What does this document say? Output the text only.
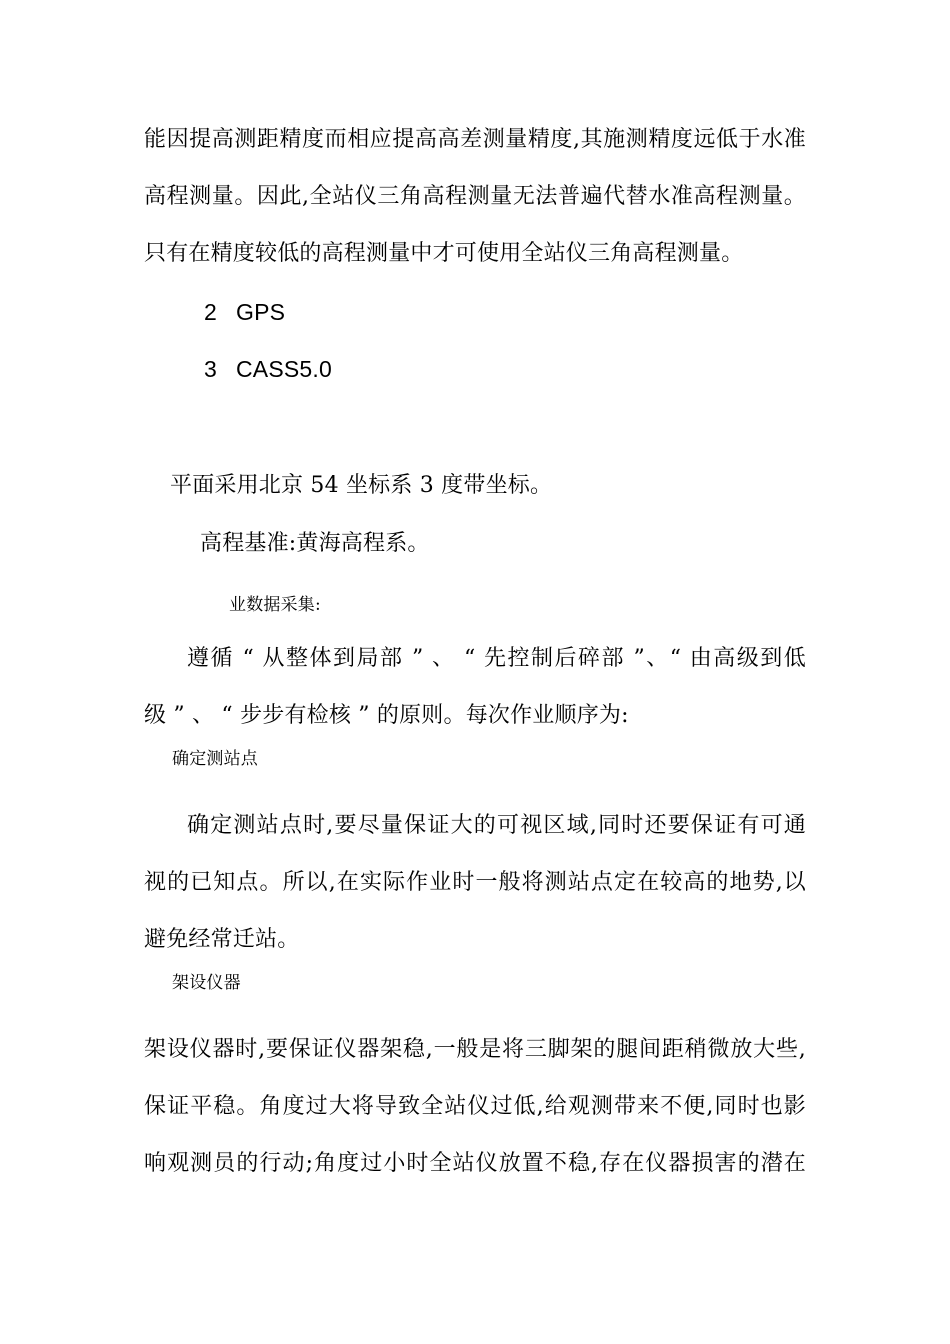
能因提高测距精度而相应提高高差测量精度,其施测精度远低于水准
高程测量。因此,全站仪三角高程测量无法普遍代替水准高程测量。
只有在精度较低的高程测量中才可使用全站仪三角高程测量。
2 GPS
3 CASS5.0
平面采用北京 54 坐标系 3 度带坐标。
高程基准:黄海高程系。
业数据采集:
遵循 “ 从整体到局部 ” 、 “ 先控制后碎部 ”、“ 由高级到低
级 ” 、 “ 步步有检核 ” 的原则。每次作业顺序为:
确定测站点
确定测站点时,要尽量保证大的可视区域,同时还要保证有可通
视的已知点。所以,在实际作业时一般将测站点定在较高的地势,以
避免经常迁站。
架设仪器
架设仪器时,要保证仪器架稳,一般是将三脚架的腿间距稍微放大些,
保证平稳。角度过大将导致全站仪过低,给观测带来不便,同时也影
响观测员的行动;角度过小时全站仪放置不稳,存在仪器损害的潜在
